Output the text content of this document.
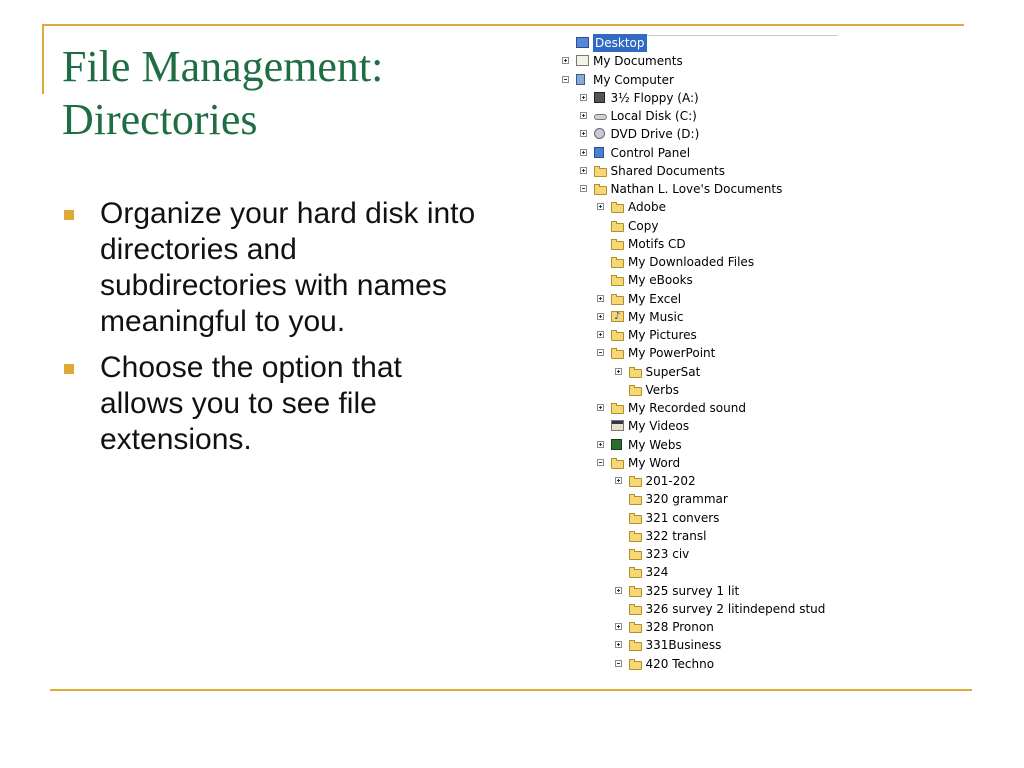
File Management:
Directories
Organize your hard disk into directories and subdirectories with names meaningful to you.
Choose the option that allows you to see file extensions.
Desktop
My Documents
My Computer
3½ Floppy (A:)
Local Disk (C:)
DVD Drive (D:)
Control Panel
Shared Documents
Nathan L. Love's Documents
Adobe
Copy
Motifs CD
My Downloaded Files
My eBooks
My Excel
♪
My Music
My Pictures
My PowerPoint
SuperSat
Verbs
My Recorded sound
My Videos
My Webs
My Word
201-202
320 grammar
321 convers
322 transl
323 civ
324
325 survey 1 lit
326 survey 2 litindepend stud
328 Pronon
331Business
420 Techno
